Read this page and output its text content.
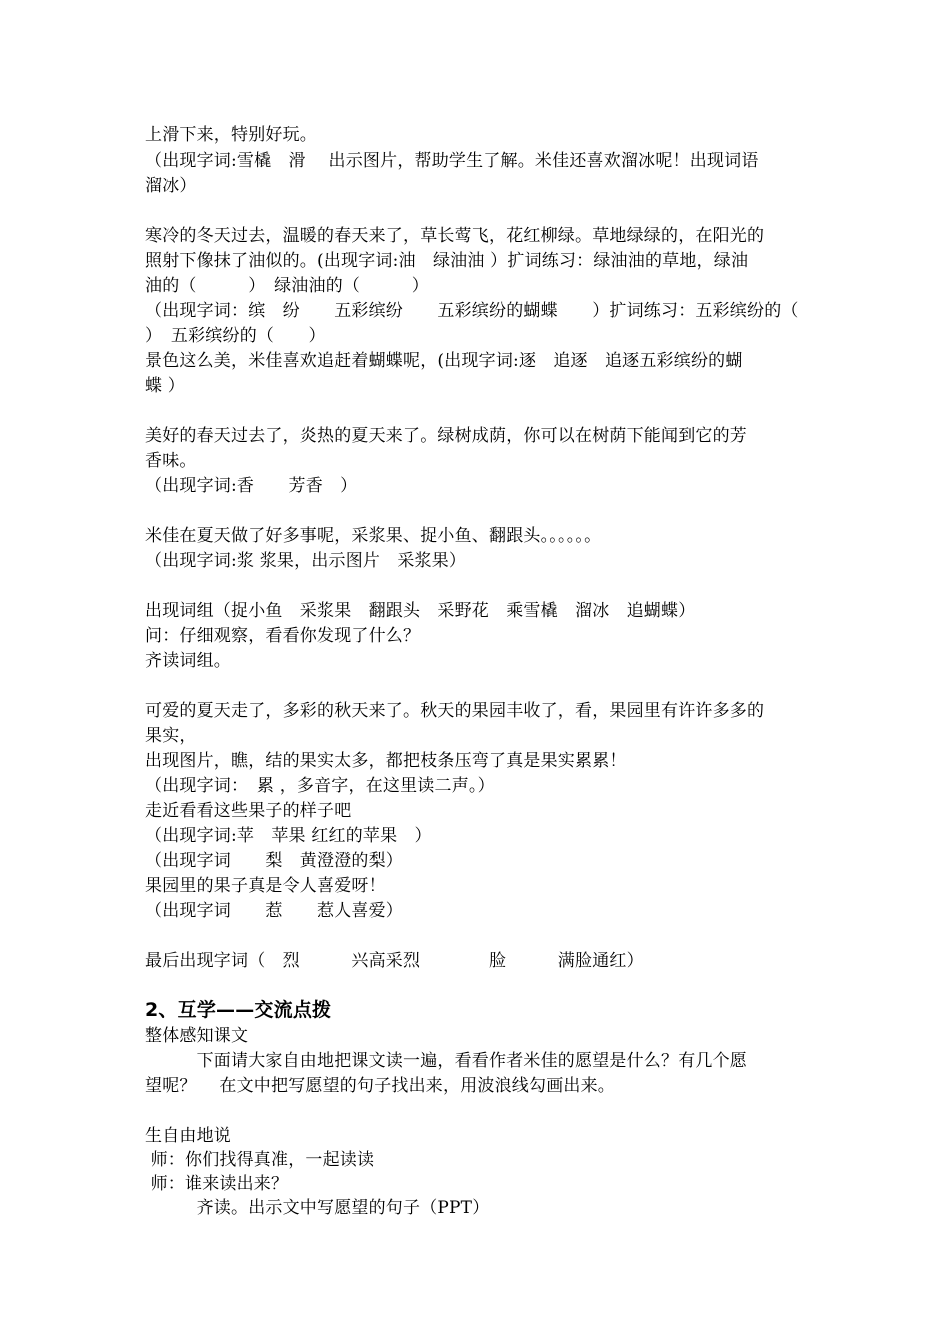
上滑下来，特别好玩。
（出现字词:雪橇　滑　 出示图片，帮助学生了解。米佳还喜欢溜冰呢！出现词语
溜冰）
寒冷的冬天过去，温暖的春天来了，草长莺飞，花红柳绿。草地绿绿的，在阳光的
照射下像抹了油似的。(出现字词:油　绿油油 ）扩词练习：绿油油的草地，绿油
油的（　　　）　绿油油的（　　　）
（出现字词：缤　纷　　五彩缤纷　　五彩缤纷的蝴蝶　　）扩词练习：五彩缤纷的（
）　五彩缤纷的（　　）
景色这么美，米佳喜欢追赶着蝴蝶呢，(出现字词:逐　追逐　追逐五彩缤纷的蝴
蝶 ）
美好的春天过去了，炎热的夏天来了。绿树成荫，你可以在树荫下能闻到它的芳
香味。
（出现字词:香　　芳香　）
米佳在夏天做了好多事呢，采浆果、捉小鱼、翻跟头。。。。。。
（出现字词:浆 浆果，出示图片　采浆果）
出现词组（捉小鱼　采浆果　翻跟头　采野花　乘雪橇　溜冰　追蝴蝶）
问：仔细观察，看看你发现了什么？
齐读词组。
可爱的夏天走了，多彩的秋天来了。秋天的果园丰收了，看，果园里有许许多多的
果实，
出现图片，瞧，结的果实太多，都把枝条压弯了真是果实累累！
（出现字词：　累 ，多音字，在这里读二声。）
走近看看这些果子的样子吧
（出现字词:苹　苹果 红红的苹果　）
（出现字词　　梨　黄澄澄的梨）
果园里的果子真是令人喜爱呀！
（出现字词　　惹　　惹人喜爱）
最后出现字词（　烈　　　兴高采烈　　　　脸　　　满脸通红）
2、互学——交流点拨
整体感知课文
　　　下面请大家自由地把课文读一遍，看看作者米佳的愿望是什么？有几个愿
望呢？　 在文中把写愿望的句子找出来，用波浪线勾画出来。
生自由地说
师：你们找得真准，一起读读
师：谁来读出来？
　　　齐读。出示文中写愿望的句子（PPT）
